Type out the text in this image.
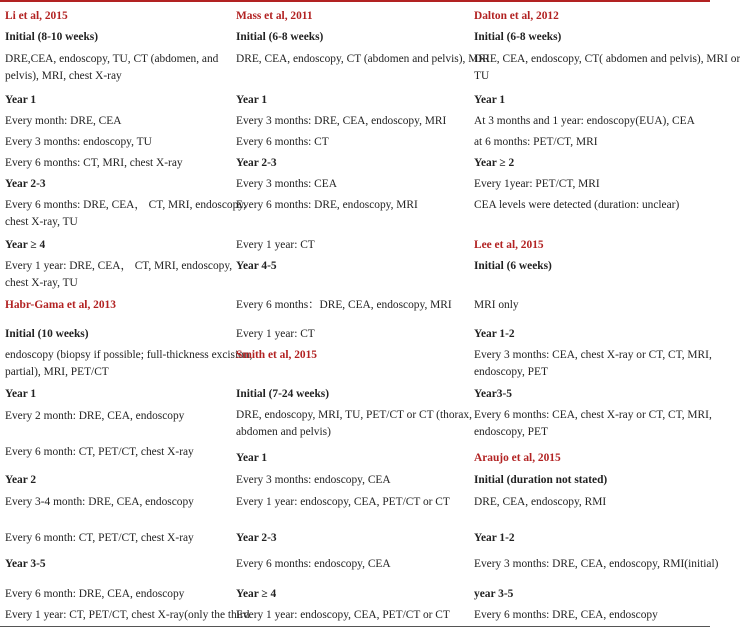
Li et al, 2015
Initial (8-10 weeks)
DRE,CEA, endoscopy, TU, CT (abdomen, and
pelvis), MRI, chest X-ray
Year 1
Every month: DRE, CEA
Every 3 months: endoscopy, TU
Every 6 months: CT, MRI, chest X-ray
Year 2-3
Every 6 months: DRE, CEA， CT, MRI, endoscopy,
chest X-ray, TU
Year ≥ 4
Every 1 year: DRE, CEA， CT, MRI, endoscopy,
chest X-ray, TU
Habr-Gama et al, 2013
Initial (10 weeks)
endoscopy (biopsy if possible; full-thickness excision,
partial), MRI, PET/CT
Year 1
Every 2 month: DRE, CEA, endoscopy
Every 6 month: CT, PET/CT, chest X-ray
Year 2
Every 3-4 month: DRE, CEA, endoscopy
Every 6 month: CT, PET/CT, chest X-ray
Year 3-5
Every 6 month: DRE, CEA, endoscopy
Every 1 year: CT, PET/CT, chest X-ray(only the third
Mass et al, 2011
Initial (6-8 weeks)
DRE, CEA, endoscopy, CT (abdomen and pelvis), MRI
Year 1
Every 3 months: DRE, CEA, endoscopy, MRI
Every 6 months: CT
Year 2-3
Every 3 months: CEA
Every 6 months: DRE, endoscopy, MRI
Every 1 year: CT
Year 4-5
Every 6 months：DRE, CEA, endoscopy, MRI
Every 1 year: CT
Smith et al, 2015
Initial (7-24 weeks)
DRE, endoscopy, MRI, TU, PET/CT or CT (thorax,
abdomen and pelvis)
Year 1
Every 3 months: endoscopy, CEA
Every 1 year: endoscopy, CEA, PET/CT or CT
Year 2-3
Every 6 months: endoscopy, CEA
Year ≥ 4
Every 1 year: endoscopy, CEA, PET/CT or CT
Dalton et al, 2012
Initial (6-8 weeks)
DRE, CEA, endoscopy, CT( abdomen and pelvis), MRI or
TU
Year 1
At 3 months and 1 year: endoscopy(EUA), CEA
at 6 months: PET/CT, MRI
Year ≥ 2
Every 1year: PET/CT, MRI
CEA levels were detected (duration: unclear)
Lee et al, 2015
Initial (6 weeks)
MRI only
Year 1-2
Every 3 months: CEA, chest X-ray or CT, CT, MRI,
endoscopy, PET
Year3-5
Every 6 months: CEA, chest X-ray or CT, CT, MRI,
endoscopy, PET
Araujo et al, 2015
Initial (duration not stated)
DRE, CEA, endoscopy, RMI
Year 1-2
Every 3 months: DRE, CEA, endoscopy, RMI(initial)
year 3-5
Every 6 months: DRE, CEA, endoscopy
